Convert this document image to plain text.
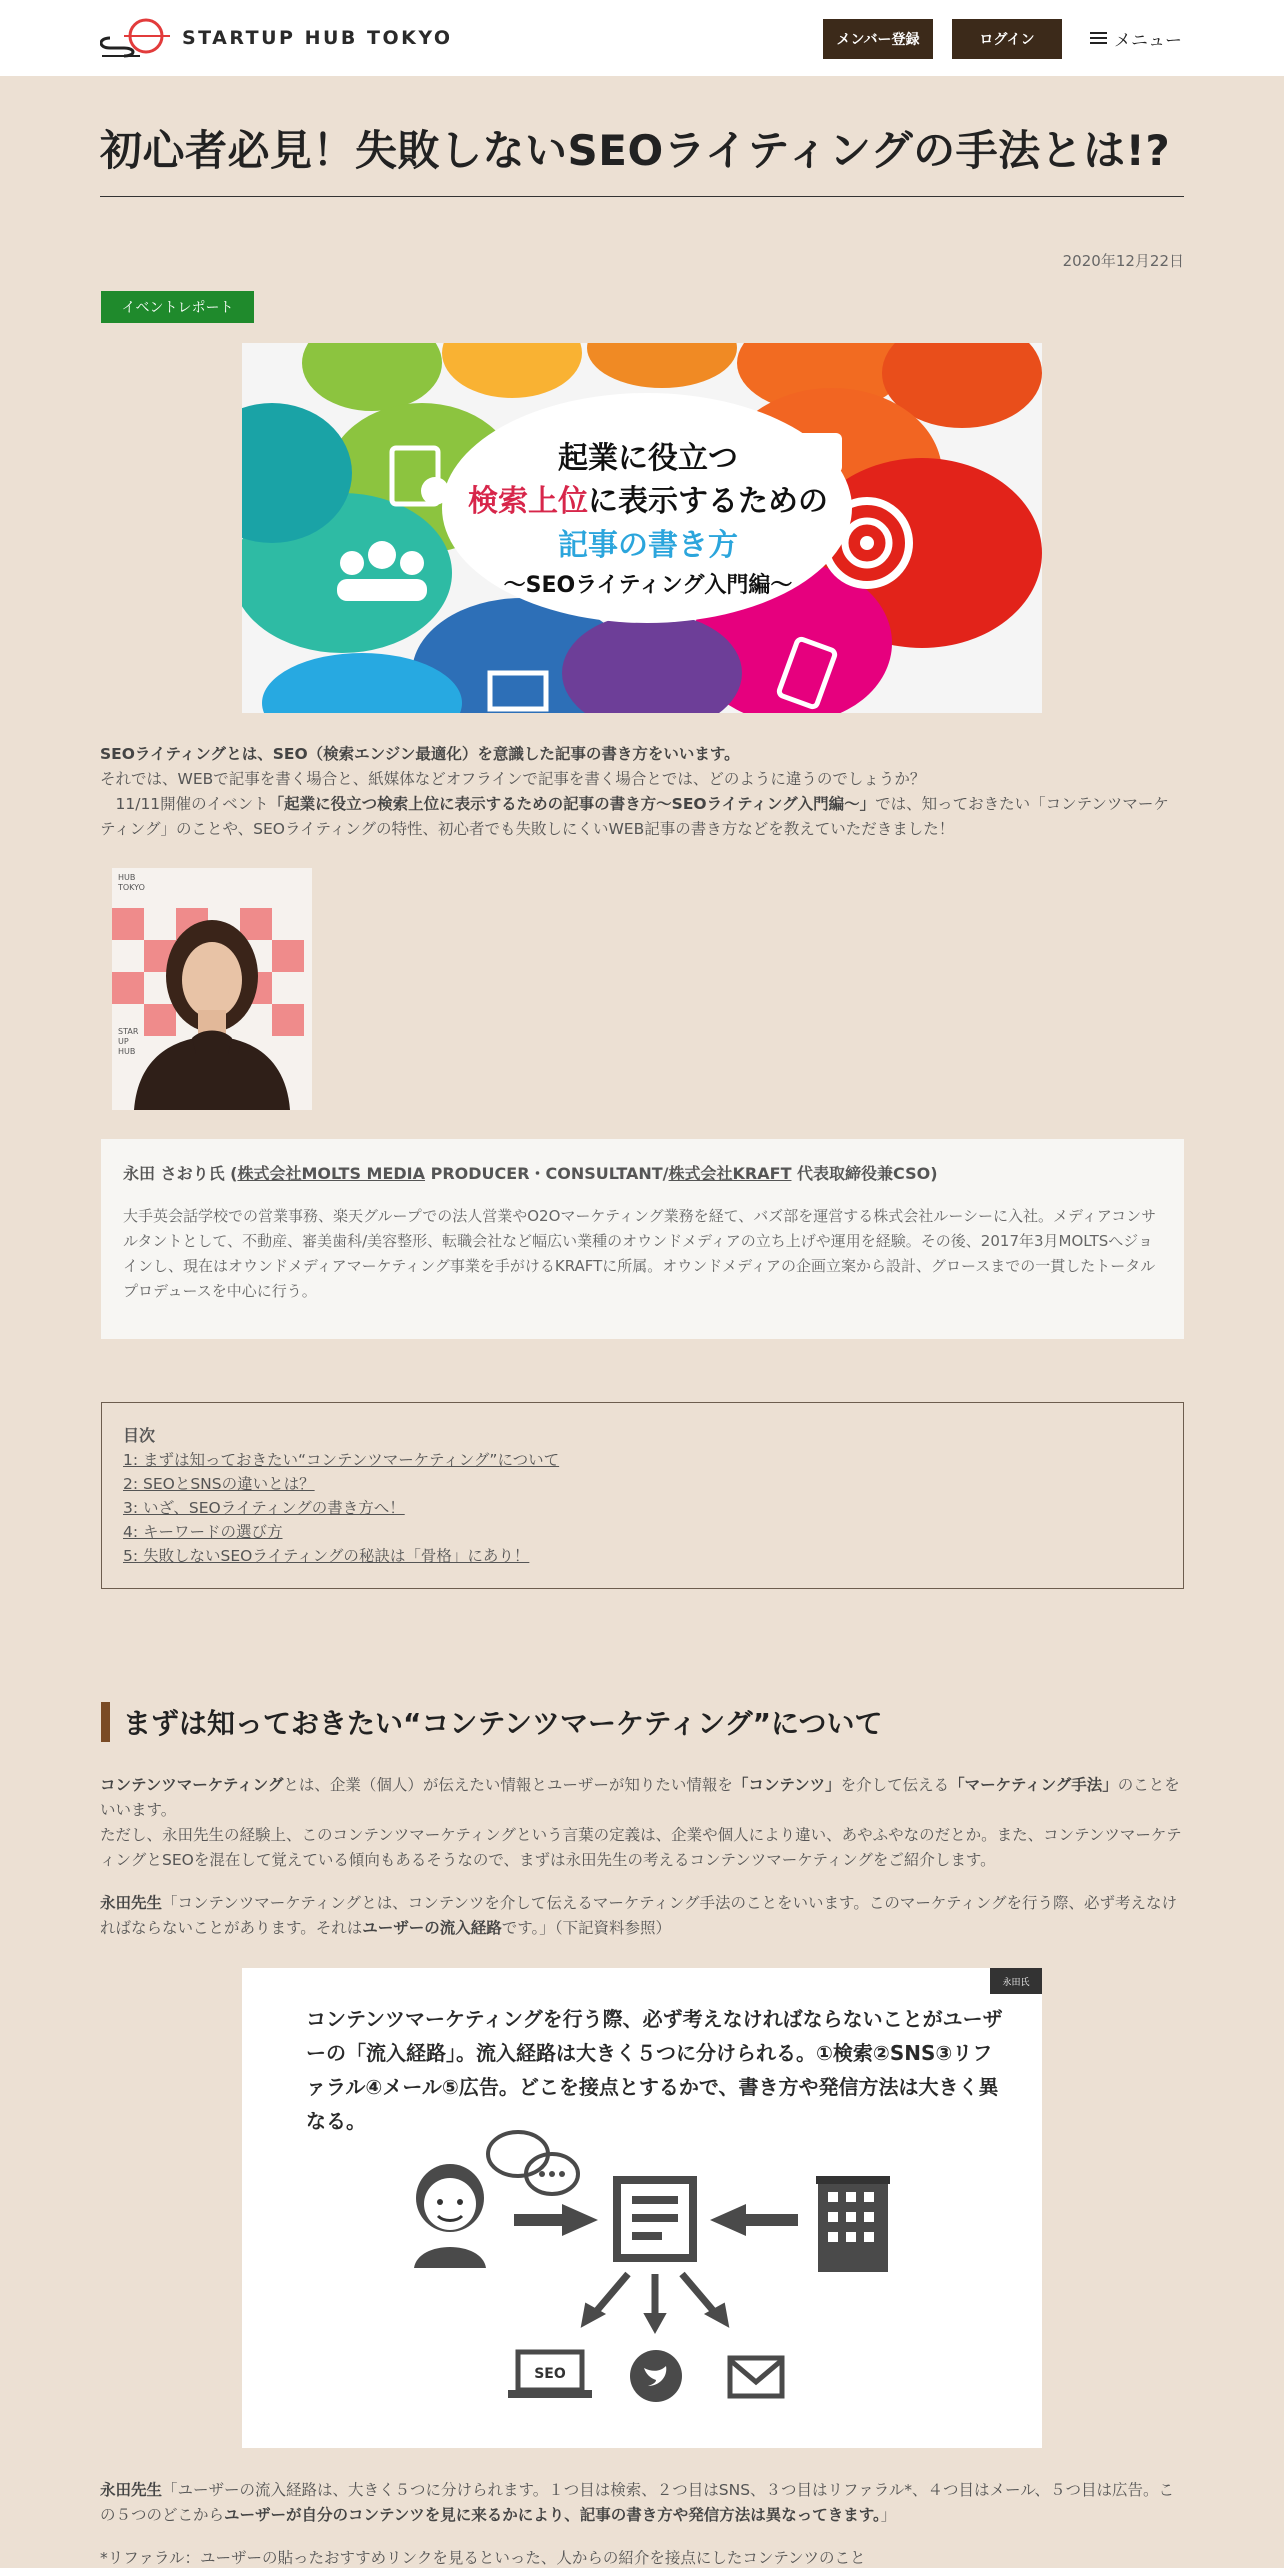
STARTUP HUB TOKYO	メンバー登録	ログイン	メニュー
初心者必見！失敗しないSEOライティングの手法とは!?
2020年12月22日
イベントレポート
起業に役立つ
検索上位に表示するための
記事の書き方
〜SEOライティング入門編〜
SEOライティングとは、SEO（検索エンジン最適化）を意識した記事の書き方をいいます。
それでは、WEBで記事を書く場合と、紙媒体などオフラインで記事を書く場合とでは、どのように違うのでしょうか？
　11/11開催のイベント「起業に役立つ検索上位に表示するための記事の書き方～SEOライティング入門編～」では、知っておきたい「コンテンツマーケティング」のことや、SEOライティングの特性、初心者でも失敗しにくいWEB記事の書き方などを教えていただきました！
HUB
TOKYO
STAR
UP
HUB
永田 さおり氏 (株式会社MOLTS MEDIA PRODUCER・CONSULTANT/株式会社KRAFT 代表取締役兼CSO)

大手英会話学校での営業事務、楽天グループでの法人営業やO2Oマーケティング業務を経て、バズ部を運営する株式会社ルーシーに入社。メディアコンサルタントとして、不動産、審美歯科/美容整形、転職会社など幅広い業種のオウンドメディアの立ち上げや運用を経験。その後、2017年3月MOLTSへジョインし、現在はオウンドメディアマーケティング事業を手がけるKRAFTに所属。オウンドメディアの企画立案から設計、グロースまでの一貫したトータルプロデュースを中心に行う。

目次
1: まずは知っておきたい“コンテンツマーケティング”について
2: SEOとSNSの違いとは？
3: いざ、SEOライティングの書き方へ！
4: キーワードの選び方
5: 失敗しないSEOライティングの秘訣は「骨格」にあり！
まずは知っておきたい“コンテンツマーケティング”について

コンテンツマーケティングとは、企業（個人）が伝えたい情報とユーザーが知りたい情報を「コンテンツ」を介して伝える「マーケティング手法」のことをいいます。
ただし、永田先生の経験上、このコンテンツマーケティングという言葉の定義は、企業や個人により違い、あやふやなのだとか。また、コンテンツマーケティングとSEOを混在して覚えている傾向もあるそうなので、まずは永田先生の考えるコンテンツマーケティングをご紹介します。

永田先生「コンテンツマーケティングとは、コンテンツを介して伝えるマーケティング手法のことをいいます。このマーケティングを行う際、必ず考えなければならないことがあります。それはユーザーの流入経路です。」（下記資料参照）

SEO
永田氏
コンテンツマーケティングを行う際、必ず考えなければならないことがユーザーの「流入経路」。流入経路は大きく５つに分けられる。①検索②SNS③リファラル④メール⑤広告。どこを接点とするかで、書き方や発信方法は大きく異なる。

永田先生「ユーザーの流入経路は、大きく５つに分けられます。１つ目は検索、２つ目はSNS、３つ目はリファラル*、４つ目はメール、５つ目は広告。この５つのどこからユーザーが自分のコンテンツを見に来るかにより、記事の書き方や発信方法は異なってきます。」

*リファラル：ユーザーの貼ったおすすめリンクを見るといった、人からの紹介を接点にしたコンテンツのこと
